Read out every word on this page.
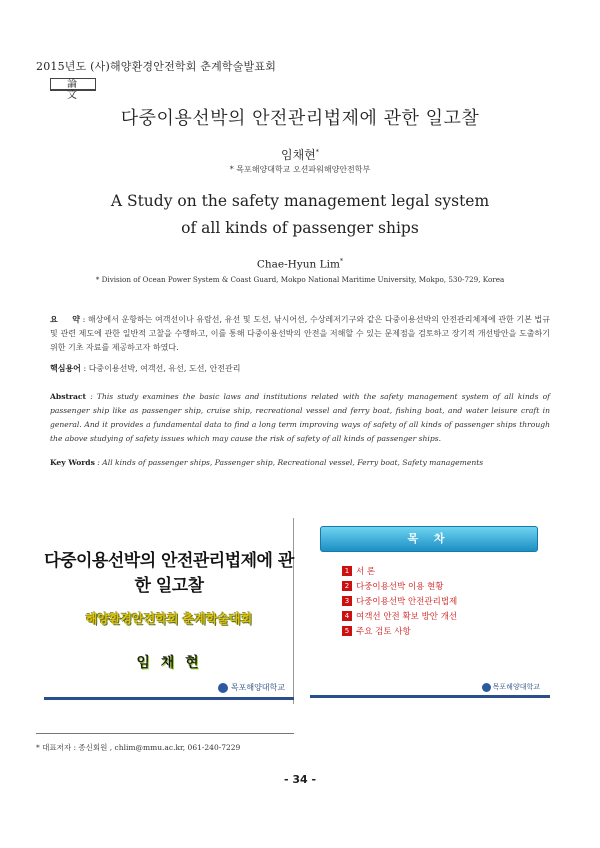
2015년도 (사)해양환경안전학회 춘계학술발표회
論 文
다중이용선박의 안전관리법제에 관한 일고찰
임채현*
* 목포해양대학교 오션파워해양안전학부
A Study on the safety management legal system
of all kinds of passenger ships
Chae-Hyun Lim*
* Division of Ocean Power System & Coast Guard, Mokpo National Maritime University, Mokpo, 530-729, Korea
요     약 : 해상에서 운항하는 여객선이나 유람선, 유선 및 도선, 낚시어선, 수상레저기구와 같은 다중이용선박의 안전관리체제에 관한 기본 법규 및 관련 제도에 관한 일반적 고찰을 수행하고, 이를 통해 다중이용선박의 안전을 저해할 수 있는 문제점을 검토하고 장기적 개선방안을 도출하기 위한 기초 자료를 제공하고자 하였다.
핵심용어 : 다중이용선박, 여객선, 유선, 도선, 안전관리
Abstract : This study examines the basic laws and institutions related with the safety management system of all kinds of passenger ship like as passenger ship, cruise ship, recreational vessel and ferry boat, fishing boat, and water leisure craft in general. And it provides a fundamental data to find a long term improving ways of safety of all kinds of passenger ships through the above studying of safety issues which may cause the risk of safety of all kinds of passenger ships.
Key Words : All kinds of passenger ships, Passenger ship, Recreational vessel, Ferry boat, Safety managements
다중이용선박의 안전관리법제에 관한 일고찰
해양환경안전학회 춘계학술대회
임 채 현
목포해양대학교
목 차
1 서 론
2 다중이용선박 이용 현황
3 다중이용선박 안전관리법제
4 여객선 안전 확보 방안 개선
5 주요 검토 사항
목포해양대학교
* 대표저자 : 종신회원 , chlim@mmu.ac.kr, 061-240-7229
- 34 -
